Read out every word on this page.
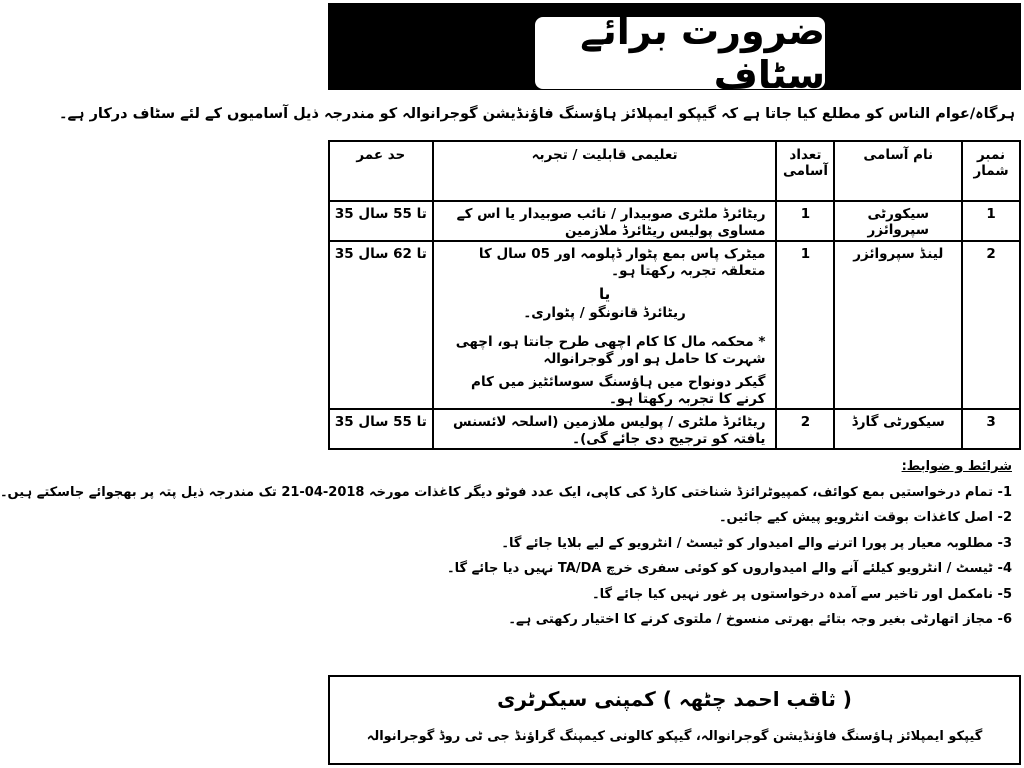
ضرورت برائے سٹاف
ہرگاہ/عوام الناس کو مطلع کیا جاتا ہے کہ گیپکو ایمپلائز ہاؤسنگ فاؤنڈیشن گوجرانوالہ کو مندرجہ ذیل آسامیوں کے لئے سٹاف درکار ہے۔
نمبر شمار	نام آسامی	تعداد آسامی	تعلیمی قابلیت / تجربہ	حد عمر
1	سیکورٹی سپروائزر	1	ریٹائرڈ ملٹری صوبیدار / نائب صوبیدار یا اس کے مساوی پولیس ریٹائرڈ ملازمین	35 تا 55 سال
2	لینڈ سپروائزر	1	میٹرک پاس بمع پٹوار ڈپلومہ اور 05 سال کا متعلقہ تجربہ رکھتا ہو۔
یا
ریٹائرڈ قانونگو / پٹواری۔
* محکمہ مال کا کام اچھی طرح جانتا ہو، اچھی شہرت کا حامل ہو اور گوجرانوالہ
گیکر دونواح میں ہاؤسنگ سوسائٹیز میں کام کرنے کا تجربہ رکھتا ہو۔	35 تا 62 سال
3	سیکورٹی گارڈ	2	ریٹائرڈ ملٹری / پولیس ملازمین (اسلحہ لائسنس یافتہ کو ترجیح دی جائے گی)۔	35 تا 55 سال
شرائط و ضوابط:
1- تمام درخواستیں بمع کوائف، کمپیوٹرائزڈ شناختی کارڈ کی کاپی، ایک عدد فوٹو دیگر کاغذات مورخہ 21-04-2018 تک مندرجہ ذیل پتہ پر بھجوائے جاسکتے ہیں۔
2- اصل کاغذات بوقت انٹرویو پیش کیے جائیں۔
3- مطلوبہ معیار پر پورا اترنے والے امیدوار کو ٹیسٹ / انٹرویو کے لیے بلایا جائے گا۔
4- ٹیسٹ / انٹرویو کیلئے آنے والے امیدواروں کو کوئی سفری خرچ TA/DA نہیں دیا جائے گا۔
5- نامکمل اور تاخیر سے آمدہ درخواستوں پر غور نہیں کیا جائے گا۔
6- مجاز اتھارٹی بغیر وجہ بتائے بھرتی منسوخ / ملتوی کرنے کا اختیار رکھتی ہے۔
( ثاقب احمد چٹھہ ) کمپنی سیکرٹری
گیپکو ایمپلائز ہاؤسنگ فاؤنڈیشن گوجرانوالہ، گیپکو کالونی کیمپنگ گراؤنڈ جی ٹی روڈ گوجرانوالہ
